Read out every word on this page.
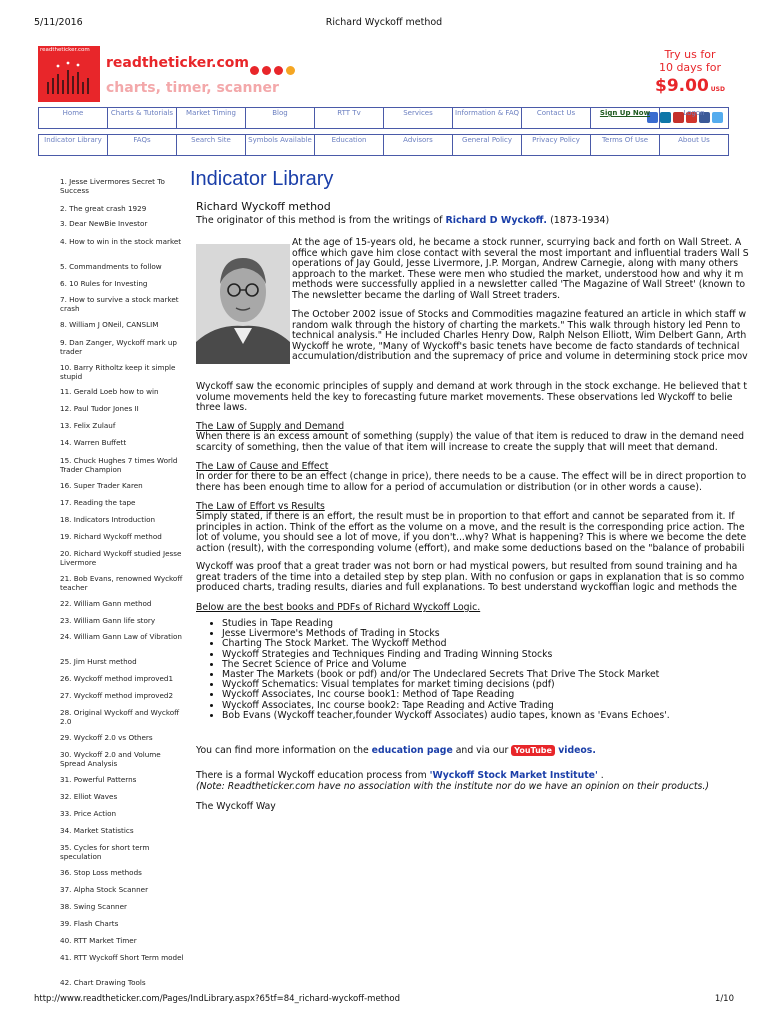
5/11/2016	Richard Wyckoff method
readtheticker.com
readtheticker.com
charts, timer, scanner
Try us for
10 days for
$9.00 USD
Home	Charts & Tutorials	Market Timing	Blog	RTT Tv	Services	Information & FAQ	Contact Us	Sign Up Now	Logon
Indicator Library	FAQs	Search Site	Symbols Available	Education	Advisors	General Policy	Privacy Policy	Terms Of Use	About Us
1. Jesse Livermores Secret To Success
2. The great crash 1929
3. Dear NewBie Investor
4. How to win in the stock market
5. Commandments to follow
6. 10 Rules for Investing
7. How to survive a stock market crash
8. William J ONeil, CANSLIM
9. Dan Zanger, Wyckoff mark up trader
10. Barry Ritholtz keep it simple stupid
11. Gerald Loeb how to win
12. Paul Tudor Jones II
13. Felix Zulauf
14. Warren Buffett
15. Chuck Hughes 7 times World Trader Champion
16. Super Trader Karen
17. Reading the tape
18. Indicators Introduction
19. Richard Wyckoff method
20. Richard Wyckoff studied Jesse Livermore
21. Bob Evans, renowned Wyckoff teacher
22. William Gann method
23. William Gann life story
24. William Gann Law of Vibration
25. Jim Hurst method
26. Wyckoff method improved1
27. Wyckoff method improved2
28. Original Wyckoff and Wyckoff 2.0
29. Wyckoff 2.0 vs Others
30. Wyckoff 2.0 and Volume Spread Analysis
31. Powerful Patterns
32. Elliot Waves
33. Price Action
34. Market Statistics
35. Cycles for short term speculation
36. Stop Loss methods
37. Alpha Stock Scanner
38. Swing Scanner
39. Flash Charts
40. RTT Market Timer
41. RTT Wyckoff Short Term model
42. Chart Drawing Tools
Indicator Library
Richard Wyckoff method
The originator of this method is from the writings of Richard D Wyckoff. (1873-1934)
At the age of 15-years old, he became a stock runner, scurrying back and forth on Wall Street. A
office which gave him close contact with several the most important and influential traders Wall S
operations of Jay Gould, Jesse Livermore, J.P. Morgan, Andrew Carnegie, along with many others
approach to the market. These were men who studied the market, understood how and why it m
methods were successfully applied in a newsletter called 'The Magazine of Wall Street' (known to
The newsletter became the darling of Wall Street traders.
The October 2002 issue of Stocks and Commodities magazine featured an article in which staff w
random walk through the history of charting the markets." This walk through history led Penn to
technical analysis." He included Charles Henry Dow, Ralph Nelson Elliott, Wim Delbert Gann, Arth
Wyckoff he wrote, "Many of Wyckoff's basic tenets have become de facto standards of technical
accumulation/distribution and the supremacy of price and volume in determining stock price mov
Wyckoff saw the economic principles of supply and demand at work through in the stock exchange. He believed that t
volume movements held the key to forecasting future market movements. These observations led Wyckoff to belie
three laws.
The Law of Supply and Demand
When there is an excess amount of something (supply) the value of that item is reduced to draw in the demand need
scarcity of something, then the value of that item will increase to create the supply that will meet that demand.
The Law of Cause and Effect
In order for there to be an effect (change in price), there needs to be a cause. The effect will be in direct proportion to
there has been enough time to allow for a period of accumulation or distribution (or in other words a cause).
The Law of Effort vs Results
Simply stated, if there is an effort, the result must be in proportion to that effort and cannot be separated from it. If
principles in action. Think of the effort as the volume on a move, and the result is the corresponding price action. The
lot of volume, you should see a lot of move, if you don't...why? What is happening? This is where we become the dete
action (result), with the corresponding volume (effort), and make some deductions based on the "balance of probabili
Wyckoff was proof that a great trader was not born or had mystical powers, but resulted from sound training and ha
great traders of the time into a detailed step by step plan. With no confusion or gaps in explanation that is so commo
produced charts, trading results, diaries and full explanations. To best understand wyckoffian logic and methods the
Below are the best books and PDFs of Richard Wyckoff Logic.
• Studies in Tape Reading
• Jesse Livermore's Methods of Trading in Stocks
• Charting The Stock Market. The Wyckoff Method
• Wyckoff Strategies and Techniques Finding and Trading Winning Stocks
• The Secret Science of Price and Volume
• Master The Markets (book or pdf) and/or The Undeclared Secrets That Drive The Stock Market
• Wyckoff Schematics: Visual templates for market timing decisions (pdf)
• Wyckoff Associates, Inc course book1: Method of Tape Reading
• Wyckoff Associates, Inc course book2: Tape Reading and Active Trading
• Bob Evans (Wyckoff teacher,founder Wyckoff Associates) audio tapes, known as 'Evans Echoes'.
You can find more information on the education page and via our YouTube videos.
There is a formal Wyckoff education process from 'Wyckoff Stock Market Institute' .
(Note: Readtheticker.com have no association with the institute nor do we have an opinion on their products.)
The Wyckoff Way
http://www.readtheticker.com/Pages/IndLibrary.aspx?65tf=84_richard-wyckoff-method	1/10
